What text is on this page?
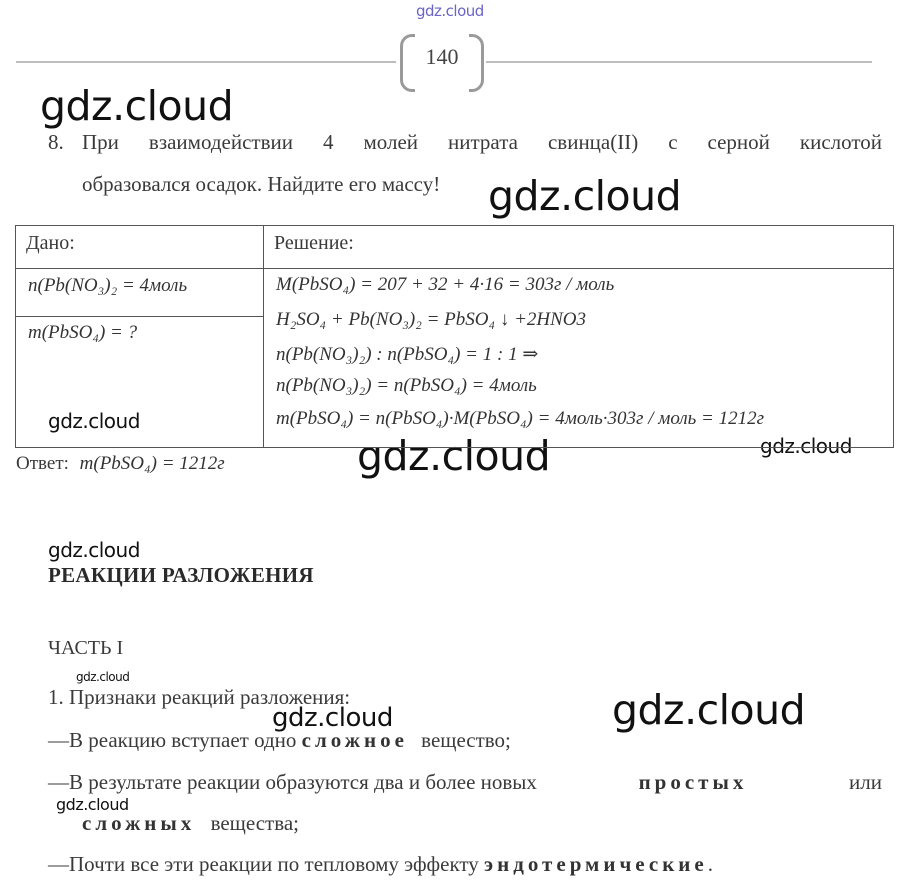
gdz.cloud
140
gdz.cloud
gdz.cloud
gdz.cloud
gdz.cloud	gdz.cloud
gdz.cloud
gdz.cloud
gdz.cloud	gdz.cloud
gdz.cloud
8. При взаимодействии 4 молей нитрата свинца(II) с серной кислотой
образовался осадок. Найдите его массу!
Дано:	Решение:
n(Pb(NO₃)₂ = 4моль
m(PbSO₄) = ?
M(PbSO₄) = 207 + 32 + 4·16 = 303г / моль
H₂SO₄ + Pb(NO₃)₂ = PbSO₄ ↓ +2HNO3
n(Pb(NO₃)₂) : n(PbSO₄) = 1 : 1 ⇒
n(Pb(NO₃)₂) = n(PbSO₄) = 4моль
m(PbSO₄) = n(PbSO₄)·M(PbSO₄) = 4моль·303г / моль = 1212г
Ответ: m(PbSO₄) = 1212г
РЕАКЦИИ РАЗЛОЖЕНИЯ
ЧАСТЬ I
1. Признаки реакций разложения:
—В реакцию вступает одно сложное вещество;
—В результате реакции образуются два и более новых	простых	или
сложных вещества;
—Почти все эти реакции по тепловому эффекту эндотермические.
